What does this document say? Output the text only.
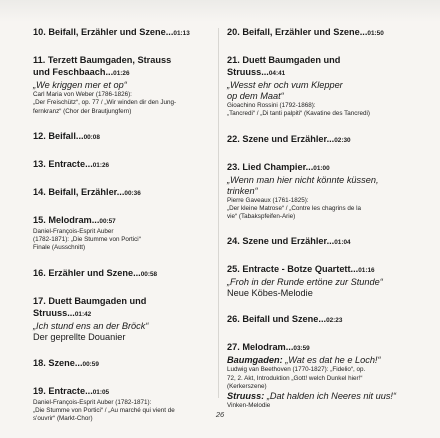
10. Beifall, Erzähler und Szene...01:13
11. Terzett Baumgaden, Strauss
und Feschbaach...01:26
„We kriggen mer et op“
Carl Maria von Weber (1786-1826):
„Der Freischütz“, op. 77 / „Wir winden dir den Jung-
fernkranz“ (Chor der Brautjungfern)
12. Beifall...00:08
13. Entracte...01:26
14. Beifall, Erzähler...00:36
15. Melodram...00:57
Daniel-François-Esprit Auber
(1782-1871): „Die Stumme von Portici“
Finale (Ausschnitt)
16. Erzähler und Szene...00:58
17. Duett Baumgaden und
Struuss...01:42
„Ich stund ens an der Bröck“
Der geprellte Douanier
18. Szene...00:59
19. Entracte...01:05
Daniel-François-Esprit Auber (1782-1871):
„Die Stumme von Portici“ / „Au marché qui vient de
s'ouvrir“ (Markt-Chor)
20. Beifall, Erzähler und Szene...01:50
21. Duett Baumgaden und
Struuss...04:41
„Wesst ehr och vum Klepper
op dem Maat“
Gioachino Rossini (1792-1868):
„Tancredi“ / „Di tanti palpiti“ (Kavatine des Tancredi)
22. Szene und Erzähler...02:30
23. Lied Champier...01:00
„Wenn man hier nicht könnte küssen,
trinken“
Pierre Gaveaux (1761-1825):
„Der kleine Matrose“ / „Contre les chagrins de la
vie“ (Tabakspfeifen-Arie)
24. Szene und Erzähler...01:04
25. Entracte - Botze Quartett...01:16
„Froh in der Runde ertöne zur Stunde“
Neue Köbes-Melodie
26. Beifall und Szene...02:23
27. Melodram...03:59
Baumgaden: „Wat es dat he e Loch!“
Ludwig van Beethoven (1770-1827): „Fidelio“, op.
72, 2. Akt, Introduktion „Gott! welch Dunkel hier!“
(Kerkerszene)
Struuss: „Dat halden ich Neeres nit uus!“
Vinken-Melodie
26
